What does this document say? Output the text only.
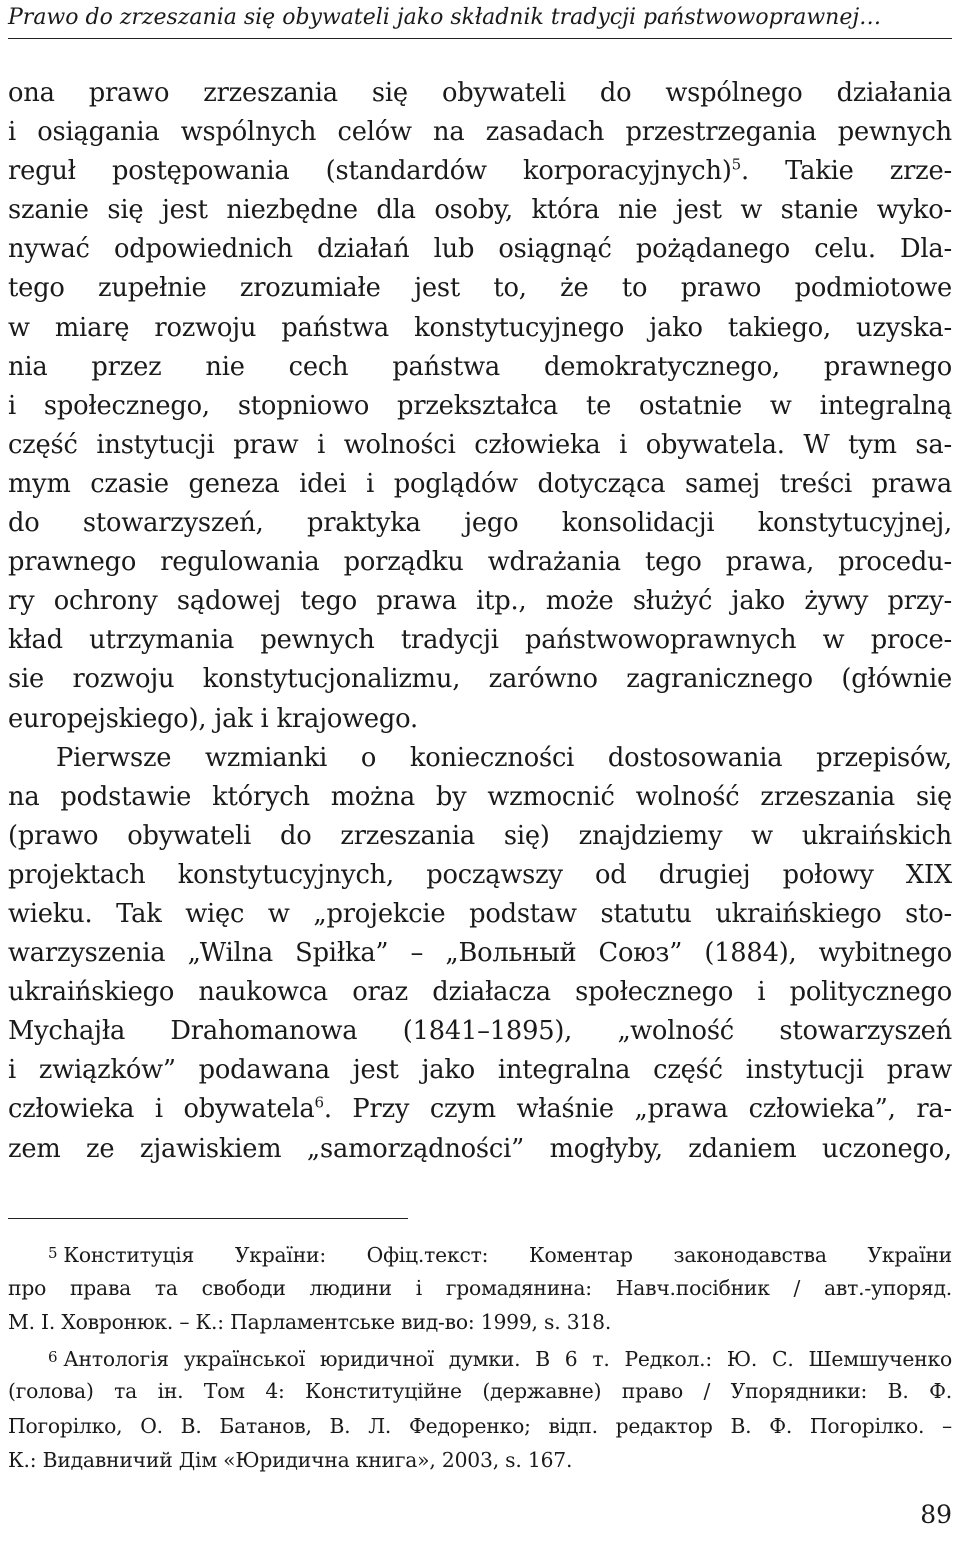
Prawo do zrzeszania się obywateli jako składnik tradycji państwowoprawnej…
ona prawo zrzeszania się obywateli do wspólnego działania
i osiągania wspólnych celów na zasadach przestrzegania pewnych
reguł postępowania (standardów korporacyjnych)$^5$. Takie zrze-
szanie się jest niezbędne dla osoby, która nie jest w stanie wyko-
nywać odpowiednich działań lub osiągnąć pożądanego celu. Dla-
tego zupełnie zrozumiałe jest to, że to prawo podmiotowe
w miarę rozwoju państwa konstytucyjnego jako takiego, uzyska-
nia przez nie cech państwa demokratycznego, prawnego
i społecznego, stopniowo przekształca te ostatnie w integralną
część instytucji praw i wolności człowieka i obywatela. W tym sa-
mym czasie geneza idei i poglądów dotycząca samej treści prawa
do stowarzyszeń, praktyka jego konsolidacji konstytucyjnej,
prawnego regulowania porządku wdrażania tego prawa, procedu-
ry ochrony sądowej tego prawa itp., może służyć jako żywy przy-
kład utrzymania pewnych tradycji państwowoprawnych w proce-
sie rozwoju konstytucjonalizmu, zarówno zagranicznego (głównie
europejskiego), jak i krajowego.
Pierwsze wzmianki o konieczności dostosowania przepisów,
na podstawie których można by wzmocnić wolność zrzeszania się
(prawo obywateli do zrzeszania się) znajdziemy w ukraińskich
projektach konstytucyjnych, począwszy od drugiej połowy XIX
wieku. Tak więc w „projekcie podstaw statutu ukraińskiego sto-
warzyszenia „Wilna Spiłka” – „Вольный Союз” (1884), wybitnego
ukraińskiego naukowca oraz działacza społecznego i politycznego
Mychajła Drahomanowa (1841–1895), „wolność stowarzyszeń
i związków” podawana jest jako integralna część instytucji praw
człowieka i obywatela$^6$. Przy czym właśnie „prawa człowieka”, ra-
zem ze zjawiskiem „samorządności” mogłyby, zdaniem uczonego,
5 Конституція України: Офіц.текст: Коментар законодавства України
про права та свободи людини і громадянина: Навч.посібник / авт.-упоряд.
М. І. Ховронюк. – К.: Парламентське вид-во: 1999, s. 318.
6 Антологія української юридичної думки. В 6 т. Редкол.: Ю. С. Шемшученко
(голова) та ін. Том 4: Конституційне (державне) право / Упорядники: В. Ф.
Погорілко, О. В. Батанов, В. Л. Федоренко; відп. редактор В. Ф. Погорілко. –
К.: Видавничий Дім «Юридична книга», 2003, s. 167.
89
